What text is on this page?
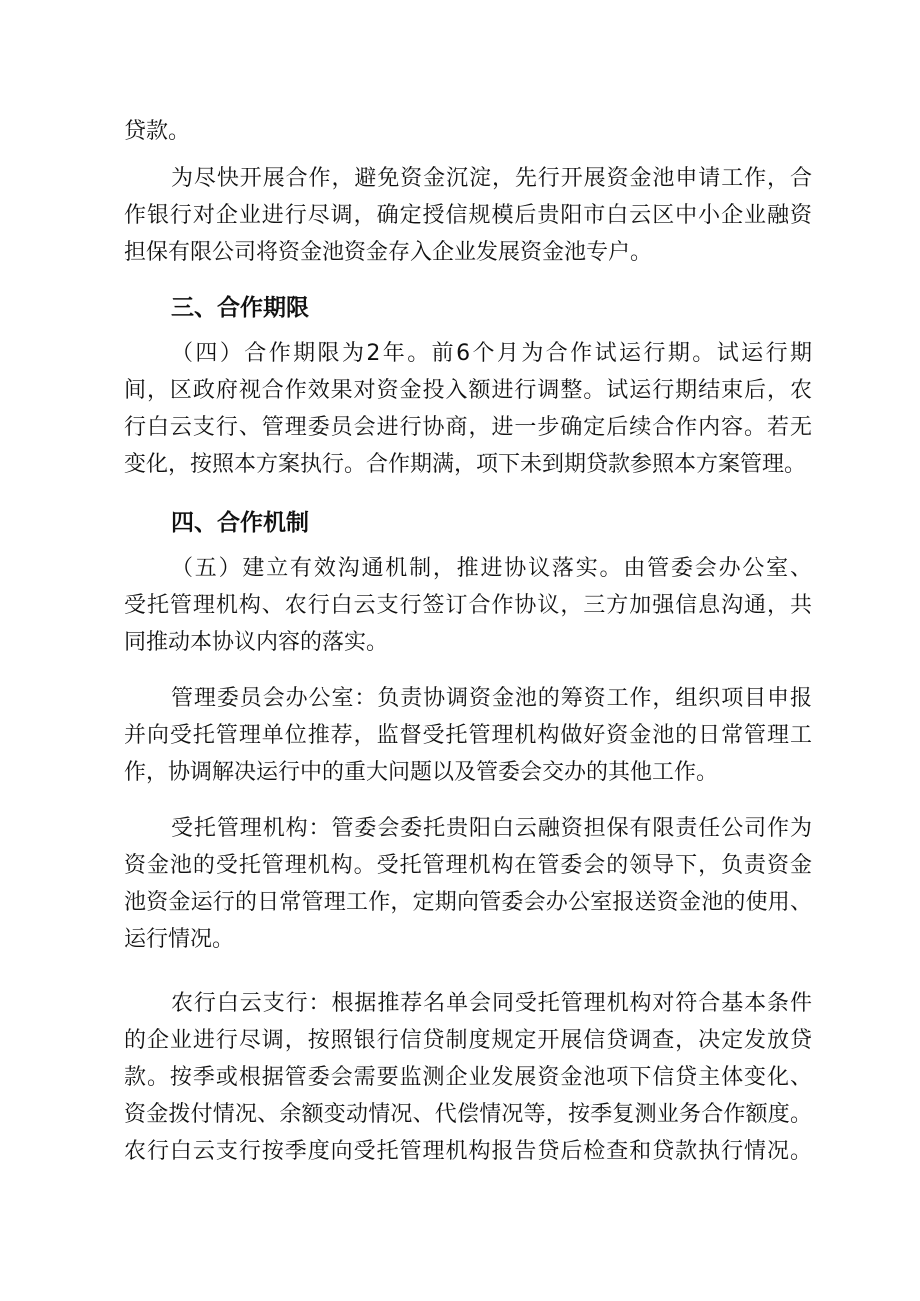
贷款。
为尽快开展合作，避免资金沉淀，先行开展资金池申请工作，合
作银行对企业进行尽调，确定授信规模后贵阳市白云区中小企业融资
担保有限公司将资金池资金存入企业发展资金池专户。
三、合作期限
（四）合作期限为2年。前6个月为合作试运行期。试运行期
间，区政府视合作效果对资金投入额进行调整。试运行期结束后，农
行白云支行、管理委员会进行协商，进一步确定后续合作内容。若无
变化，按照本方案执行。合作期满，项下未到期贷款参照本方案管理。
四、合作机制
（五）建立有效沟通机制，推进协议落实。由管委会办公室、
受托管理机构、农行白云支行签订合作协议，三方加强信息沟通，共
同推动本协议内容的落实。
管理委员会办公室：负责协调资金池的筹资工作，组织项目申报
并向受托管理单位推荐，监督受托管理机构做好资金池的日常管理工
作，协调解决运行中的重大问题以及管委会交办的其他工作。
受托管理机构：管委会委托贵阳白云融资担保有限责任公司作为
资金池的受托管理机构。受托管理机构在管委会的领导下，负责资金
池资金运行的日常管理工作，定期向管委会办公室报送资金池的使用、
运行情况。
农行白云支行：根据推荐名单会同受托管理机构对符合基本条件
的企业进行尽调，按照银行信贷制度规定开展信贷调查，决定发放贷
款。按季或根据管委会需要监测企业发展资金池项下信贷主体变化、
资金拨付情况、余额变动情况、代偿情况等，按季复测业务合作额度。
农行白云支行按季度向受托管理机构报告贷后检查和贷款执行情况。
